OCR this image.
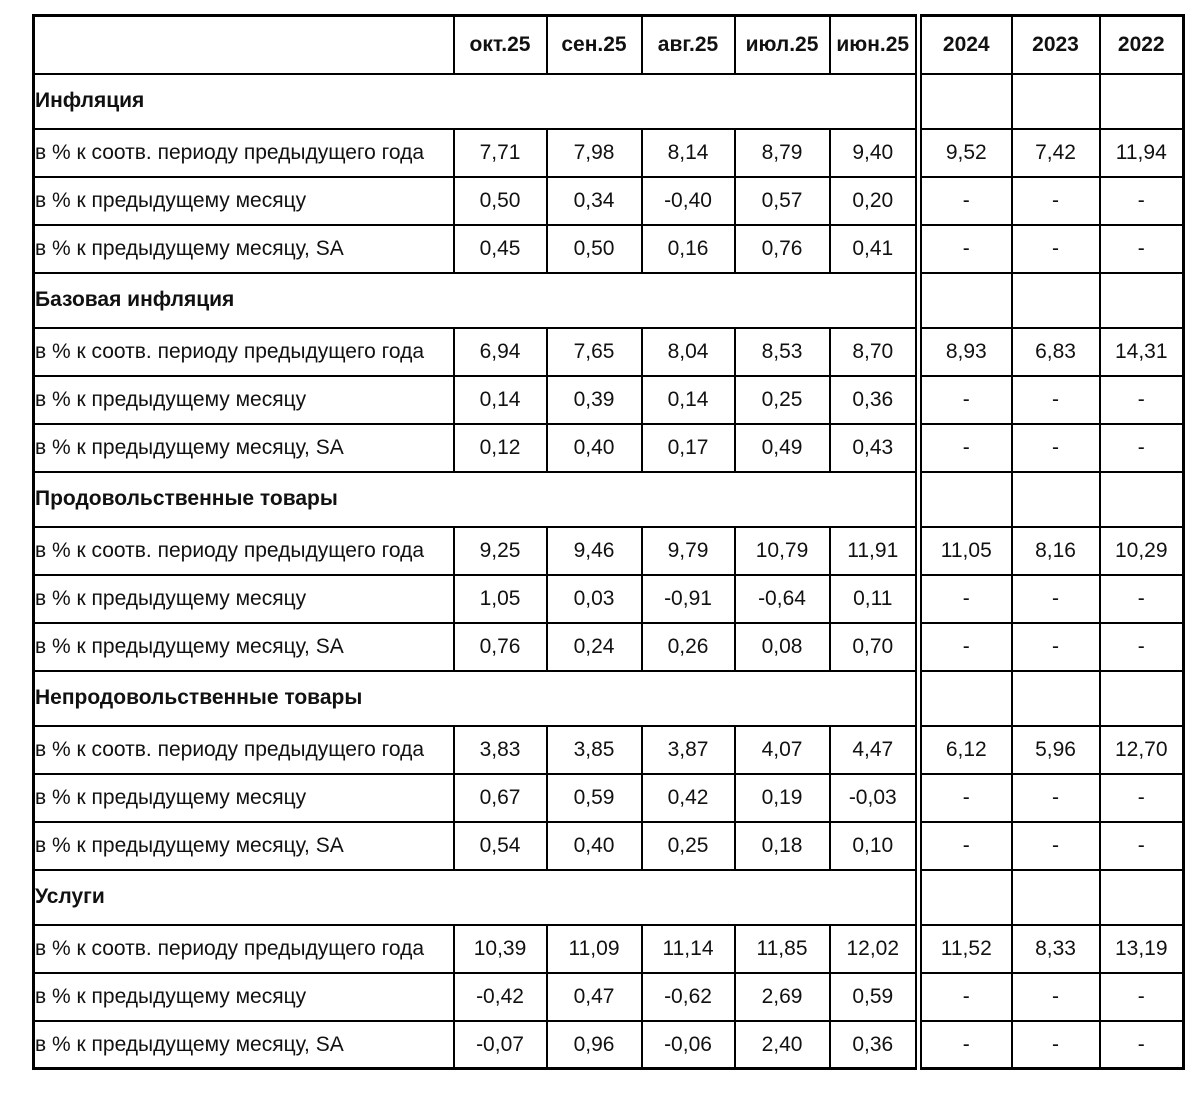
	окт.25	сен.25	авг.25	июл.25	июн.25	2024	2023	2022
Инфляция								
в % к соотв. периоду предыдущего года	7,71	7,98	8,14	8,79	9,40	9,52	7,42	11,94
в % к предыдущему месяцу	0,50	0,34	-0,40	0,57	0,20	-	-	-
в % к предыдущему месяцу, SA	0,45	0,50	0,16	0,76	0,41	-	-	-
Базовая инфляция								
в % к соотв. периоду предыдущего года	6,94	7,65	8,04	8,53	8,70	8,93	6,83	14,31
в % к предыдущему месяцу	0,14	0,39	0,14	0,25	0,36	-	-	-
в % к предыдущему месяцу, SA	0,12	0,40	0,17	0,49	0,43	-	-	-
Продовольственные товары								
в % к соотв. периоду предыдущего года	9,25	9,46	9,79	10,79	11,91	11,05	8,16	10,29
в % к предыдущему месяцу	1,05	0,03	-0,91	-0,64	0,11	-	-	-
в % к предыдущему месяцу, SA	0,76	0,24	0,26	0,08	0,70	-	-	-
Непродовольственные товары								
в % к соотв. периоду предыдущего года	3,83	3,85	3,87	4,07	4,47	6,12	5,96	12,70
в % к предыдущему месяцу	0,67	0,59	0,42	0,19	-0,03	-	-	-
в % к предыдущему месяцу, SA	0,54	0,40	0,25	0,18	0,10	-	-	-
Услуги								
в % к соотв. периоду предыдущего года	10,39	11,09	11,14	11,85	12,02	11,52	8,33	13,19
в % к предыдущему месяцу	-0,42	0,47	-0,62	2,69	0,59	-	-	-
в % к предыдущему месяцу, SA	-0,07	0,96	-0,06	2,40	0,36	-	-	-
